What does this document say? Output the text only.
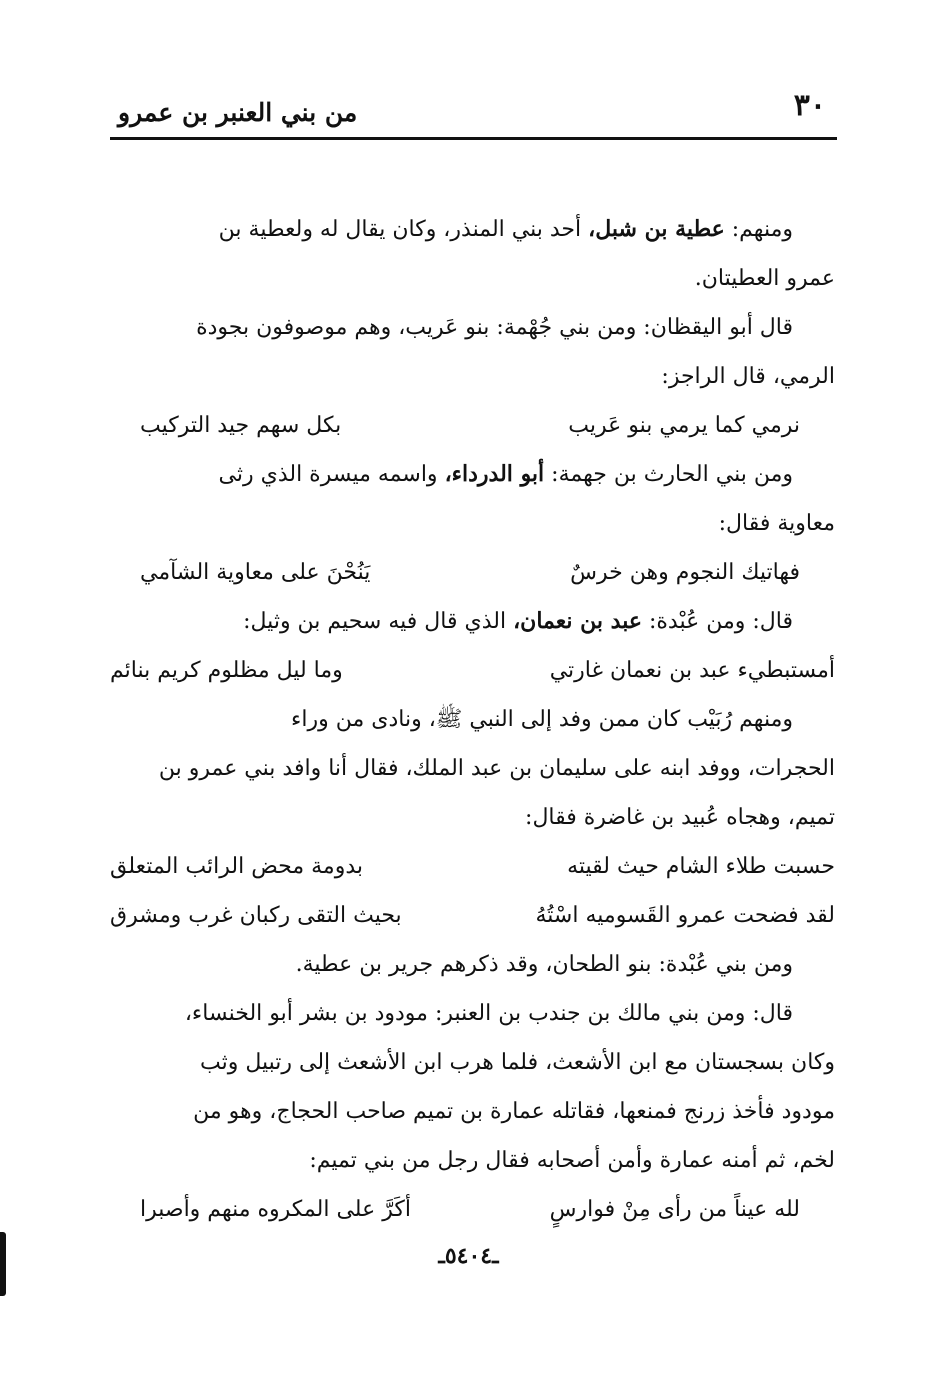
٣٠
من بني العنبر بن عمرو
ومنهم: عطية بن شبل، أحد بني المنذر، وكان يقال له ولعطية بن
عمرو العطيتان.
قال أبو اليقظان: ومن بني جُهْمة: بنو عَريب، وهم موصوفون بجودة
الرمي، قال الراجز:
نرمي كما يرمي بنو عَريب
بكل سهم جيد التركيب
ومن بني الحارث بن جهمة: أبو الدرداء، واسمه ميسرة الذي رثى
معاوية فقال:
فهاتيك النجوم وهن خرسٌ
يَنُحْنَ على معاوية الشآمي
قال: ومن عُبْدة: عبد بن نعمان، الذي قال فيه سحيم بن وثيل:
أمستبطيء عبد بن نعمان غارتي
وما ليل مظلوم كريم بنائم
ومنهم رُبَيْب كان ممن وفد إلى النبي ﷺ، ونادى من وراء
الحجرات، ووفد ابنه على سليمان بن عبد الملك، فقال أنا وافد بني عمرو بن
تميم، وهجاه عُبيد بن غاضرة فقال:
حسبت طلاء الشام حيث لقيته
بدومة محض الرائب المتعلق
لقد فضحت عمرو القَسوميه اسْتُهُ
بحيث التقى ركبان غرب ومشرق
ومن بني عُبْدة: بنو الطحان، وقد ذكرهم جرير بن عطية.
قال: ومن بني مالك بن جندب بن العنبر: مودود بن بشر أبو الخنساء،
وكان بسجستان مع ابن الأشعث، فلما هرب ابن الأشعث إلى رتبيل وثب
مودود فأخذ زرنج فمنعها، فقاتله عمارة بن تميم صاحب الحجاج، وهو من
لخم، ثم أمنه عمارة وأمن أصحابه فقال رجل من بني تميم:
لله عيناً من رأى مِنْ فوارسٍ
أكَرَّ على المكروه منهم وأصبرا
ـ٥٤٠٤ـ
